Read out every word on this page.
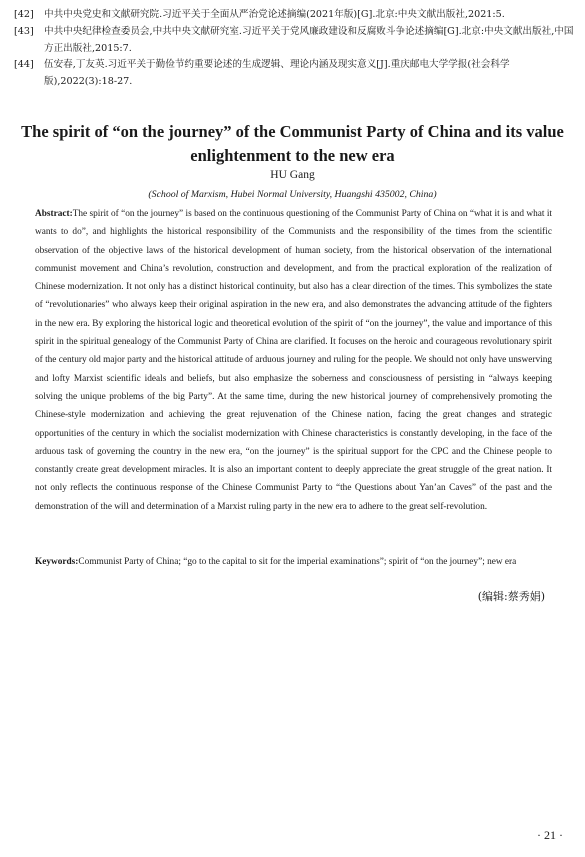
[42] 中共中央党史和文献研究院.习近平关于全面从严治党论述摘编(2021年版)[G].北京:中央文献出版社,2021:5.
[43] 中共中央纪律检查委员会,中共中央文献研究室.习近平关于党风廉政建设和反腐败斗争论述摘编[G].北京:中央文献出版社,中国方正出版社,2015:7.
[44] 伍安春,丁友英.习近平关于勤俭节约重要论述的生成逻辑、理论内涵及现实意义[J].重庆邮电大学学报(社会科学版),2022(3):18-27.
The spirit of “on the journey” of the Communist Party of China and its value enlightenment to the new era
HU Gang
(School of Marxism, Hubei Normal University, Huangshi 435002, China)
Abstract:The spirit of “on the journey” is based on the continuous questioning of the Communist Party of China on “what it is and what it wants to do”, and highlights the historical responsibility of the Communists and the responsibility of the times from the scientific observation of the objective laws of the historical development of human society, from the historical observation of the international communist movement and China’s revolution, construction and development, and from the practical exploration of the realization of Chinese modernization. It not only has a distinct historical continuity, but also has a clear direction of the times. This symbolizes the state of “revolutionaries” who always keep their original aspiration in the new era, and also demonstrates the advancing attitude of the fighters in the new era. By exploring the historical logic and theoretical evolution of the spirit of “on the journey”, the value and importance of this spirit in the spiritual genealogy of the Communist Party of China are clarified. It focuses on the heroic and courageous revolutionary spirit of the century old major party and the historical attitude of arduous journey and ruling for the people. We should not only have unswerving and lofty Marxist scientific ideals and beliefs, but also emphasize the soberness and consciousness of persisting in “always keeping solving the unique problems of the big Party”. At the same time, during the new historical journey of comprehensively promoting the Chinese-style modernization and achieving the great rejuvenation of the Chinese nation, facing the great changes and strategic opportunities of the century in which the socialist modernization with Chinese characteristics is constantly developing, in the face of the arduous task of governing the country in the new era, “on the journey” is the spiritual support for the CPC and the Chinese people to constantly create great development miracles. It is also an important content to deeply appreciate the great struggle of the great nation. It not only reflects the continuous response of the Chinese Communist Party to “the Questions about Yan’an Caves” of the past and the demonstration of the will and determination of a Marxist ruling party in the new era to adhere to the great self-revolution.
Keywords:Communist Party of China; “go to the capital to sit for the imperial examinations”; spirit of “on the journey”; new era
(编辑:蔡秀娟)
· 21 ·
